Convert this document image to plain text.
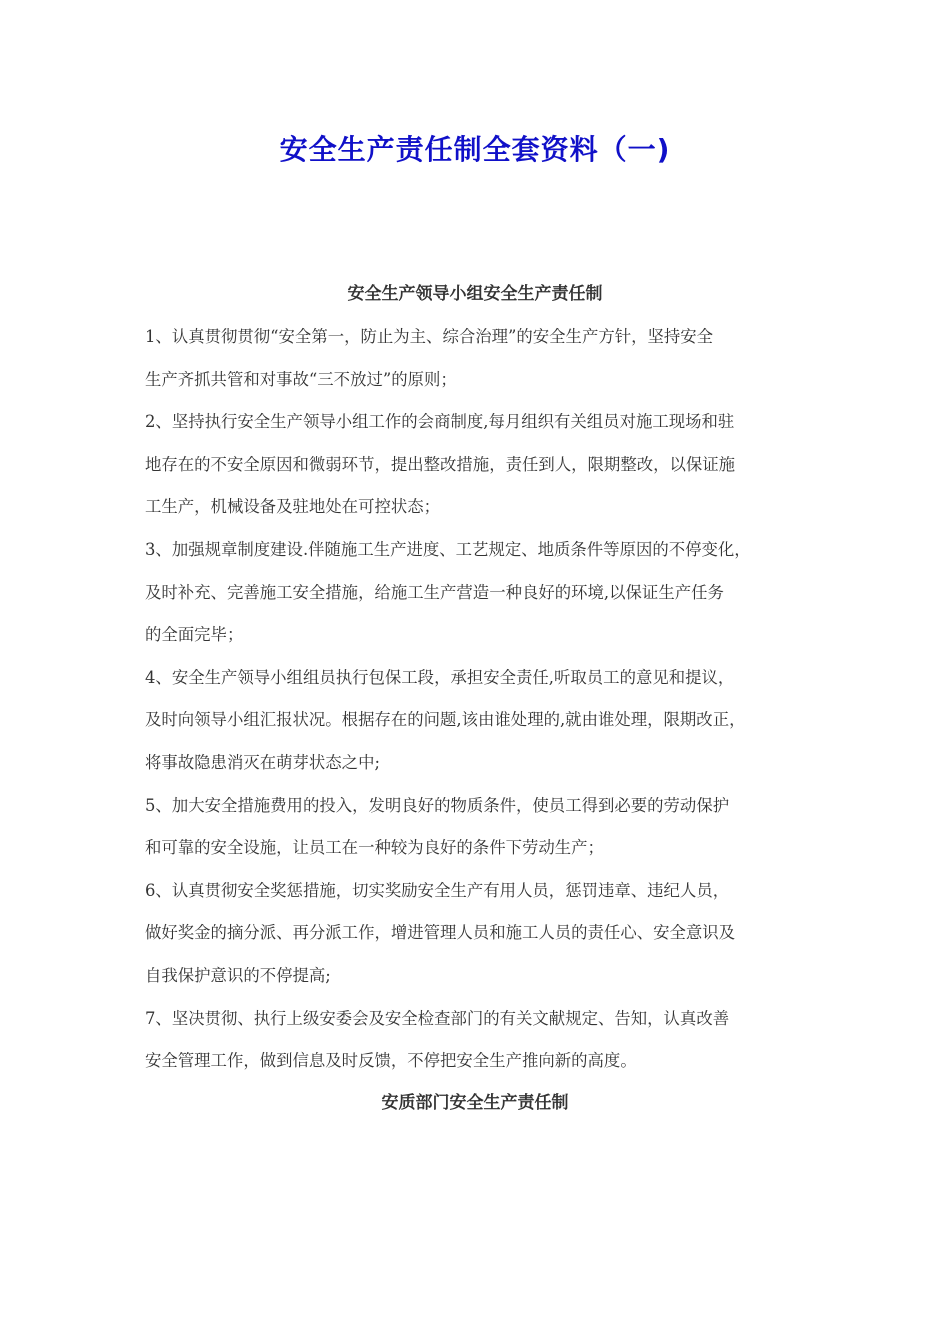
安全生产责任制全套资料（一)
安全生产领导小组安全生产责任制
1、认真贯彻贯彻“安全第一，防止为主、综合治理”的安全生产方针，坚持安全
生产齐抓共管和对事故“三不放过”的原则；
2、坚持执行安全生产领导小组工作的会商制度,每月组织有关组员对施工现场和驻
地存在的不安全原因和微弱环节，提出整改措施，责任到人，限期整改，以保证施
工生产，机械设备及驻地处在可控状态；
3、加强规章制度建设.伴随施工生产进度、工艺规定、地质条件等原因的不停变化，
及时补充、完善施工安全措施，给施工生产营造一种良好的环境,以保证生产任务
的全面完毕；
4、安全生产领导小组组员执行包保工段，承担安全责任,听取员工的意见和提议，
及时向领导小组汇报状况。根据存在的问题,该由谁处理的,就由谁处理，限期改正，
将事故隐患消灭在萌芽状态之中;
5、加大安全措施费用的投入，发明良好的物质条件，使员工得到必要的劳动保护
和可靠的安全设施，让员工在一种较为良好的条件下劳动生产；
6、认真贯彻安全奖惩措施，切实奖励安全生产有用人员，惩罚违章、违纪人员，
做好奖金的摘分派、再分派工作，增进管理人员和施工人员的责任心、安全意识及
自我保护意识的不停提高;
7、坚决贯彻、执行上级安委会及安全检查部门的有关文献规定、告知，认真改善
安全管理工作，做到信息及时反馈，不停把安全生产推向新的高度。
安质部门安全生产责任制
